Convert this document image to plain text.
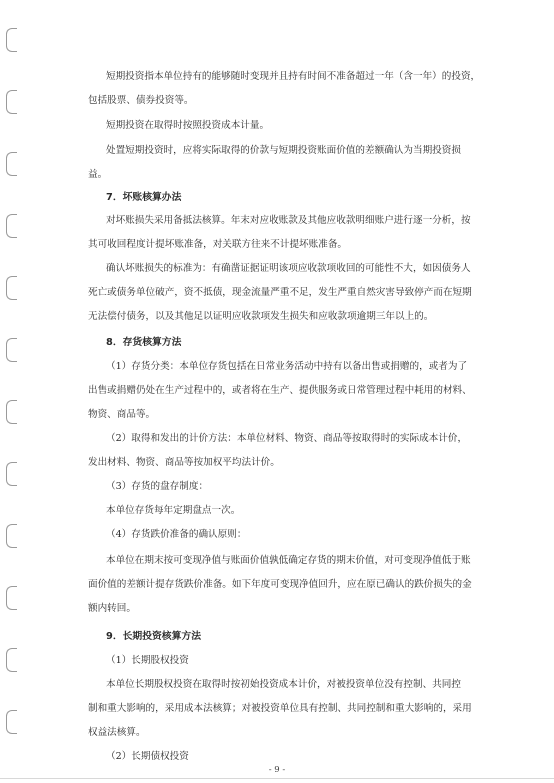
短期投资指本单位持有的能够随时变现并且持有时间不准备超过一年（含一年）的投资，
包括股票、债券投资等。
短期投资在取得时按照投资成本计量。
处置短期投资时，应将实际取得的价款与短期投资账面价值的差额确认为当期投资损
益。
7．坏账核算办法
对坏账损失采用备抵法核算。年末对应收账款及其他应收款明细账户进行逐一分析，按
其可收回程度计提坏账准备，对关联方往来不计提坏账准备。
确认坏账损失的标准为：有确凿证据证明该项应收款项收回的可能性不大，如因债务人
死亡或债务单位破产，资不抵债，现金流量严重不足，发生严重自然灾害导致停产而在短期
无法偿付债务，以及其他足以证明应收款项发生损失和应收款项逾期三年以上的。
8．存货核算方法
（1）存货分类：本单位存货包括在日常业务活动中持有以备出售或捐赠的，或者为了
出售或捐赠仍处在生产过程中的，或者将在生产、提供服务或日常管理过程中耗用的材料、
物资、商品等。
（2）取得和发出的计价方法：本单位材料、物资、商品等按取得时的实际成本计价，
发出材料、物资、商品等按加权平均法计价。
（3）存货的盘存制度：
本单位存货每年定期盘点一次。
（4）存货跌价准备的确认原则：
本单位在期末按可变现净值与账面价值孰低确定存货的期末价值，对可变现净值低于账
面价值的差额计提存货跌价准备。如下年度可变现净值回升，应在原已确认的跌价损失的金
额内转回。
9．长期投资核算方法
（1）长期股权投资
本单位长期股权投资在取得时按初始投资成本计价，对被投资单位没有控制、共同控
制和重大影响的，采用成本法核算；对被投资单位具有控制、共同控制和重大影响的，采用
权益法核算。
（2）长期债权投资
- 9 -
